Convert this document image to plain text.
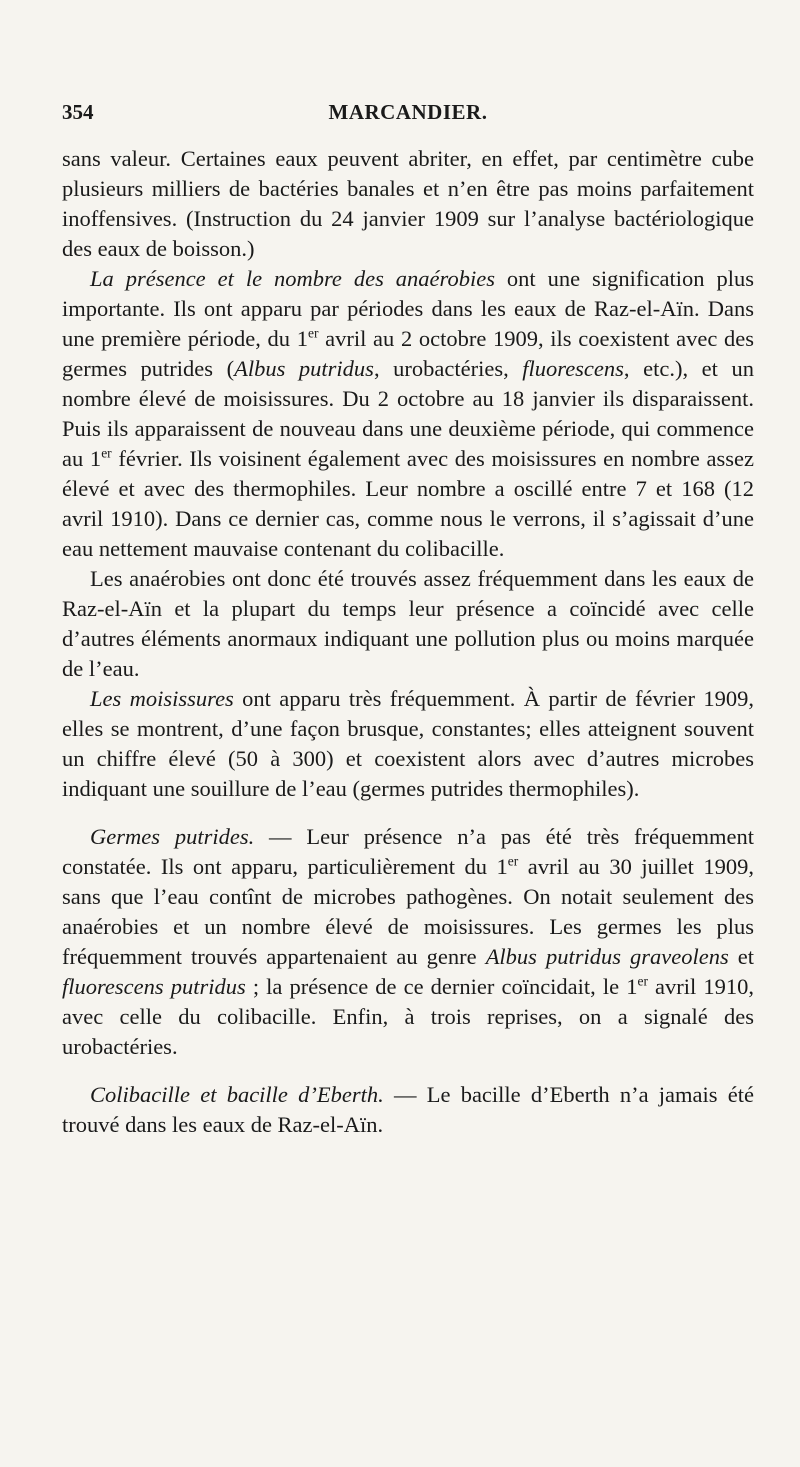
354	MARCANDIER.

sans valeur. Certaines eaux peuvent abriter, en effet, par centimètre cube plusieurs milliers de bactéries banales et n’en être pas moins parfaitement inoffensives. (Instruction du 24 janvier 1909 sur l’analyse bactériologique des eaux de boisson.)

La présence et le nombre des anaérobies ont une signification plus importante. Ils ont apparu par périodes dans les eaux de Raz-el-Aïn. Dans une première période, du 1er avril au 2 octobre 1909, ils coexistent avec des germes putrides (Albus putridus, urobactéries, fluorescens, etc.), et un nombre élevé de moisissures. Du 2 octobre au 18 janvier ils disparaissent. Puis ils apparaissent de nouveau dans une deuxième période, qui commence au 1er février. Ils voisinent également avec des moisissures en nombre assez élevé et avec des thermophiles. Leur nombre a oscillé entre 7 et 168 (12 avril 1910). Dans ce dernier cas, comme nous le verrons, il s’agissait d’une eau nettement mauvaise contenant du colibacille.

Les anaérobies ont donc été trouvés assez fréquemment dans les eaux de Raz-el-Aïn et la plupart du temps leur présence a coïncidé avec celle d’autres éléments anormaux indiquant une pollution plus ou moins marquée de l’eau.

Les moisissures ont apparu très fréquemment. À partir de février 1909, elles se montrent, d’une façon brusque, constantes; elles atteignent souvent un chiffre élevé (50 à 300) et coexistent alors avec d’autres microbes indiquant une souillure de l’eau (germes putrides thermophiles).

Germes putrides. — Leur présence n’a pas été très fréquemment constatée. Ils ont apparu, particulièrement du 1er avril au 30 juillet 1909, sans que l’eau contînt de microbes pathogènes. On notait seulement des anaérobies et un nombre élevé de moisissures. Les germes les plus fréquemment trouvés appartenaient au genre Albus putridus graveolens et fluorescens putridus ; la présence de ce dernier coïncidait, le 1er avril 1910, avec celle du colibacille. Enfin, à trois reprises, on a signalé des urobactéries.

Colibacille et bacille d’Eberth. — Le bacille d’Eberth n’a jamais été trouvé dans les eaux de Raz-el-Aïn.
